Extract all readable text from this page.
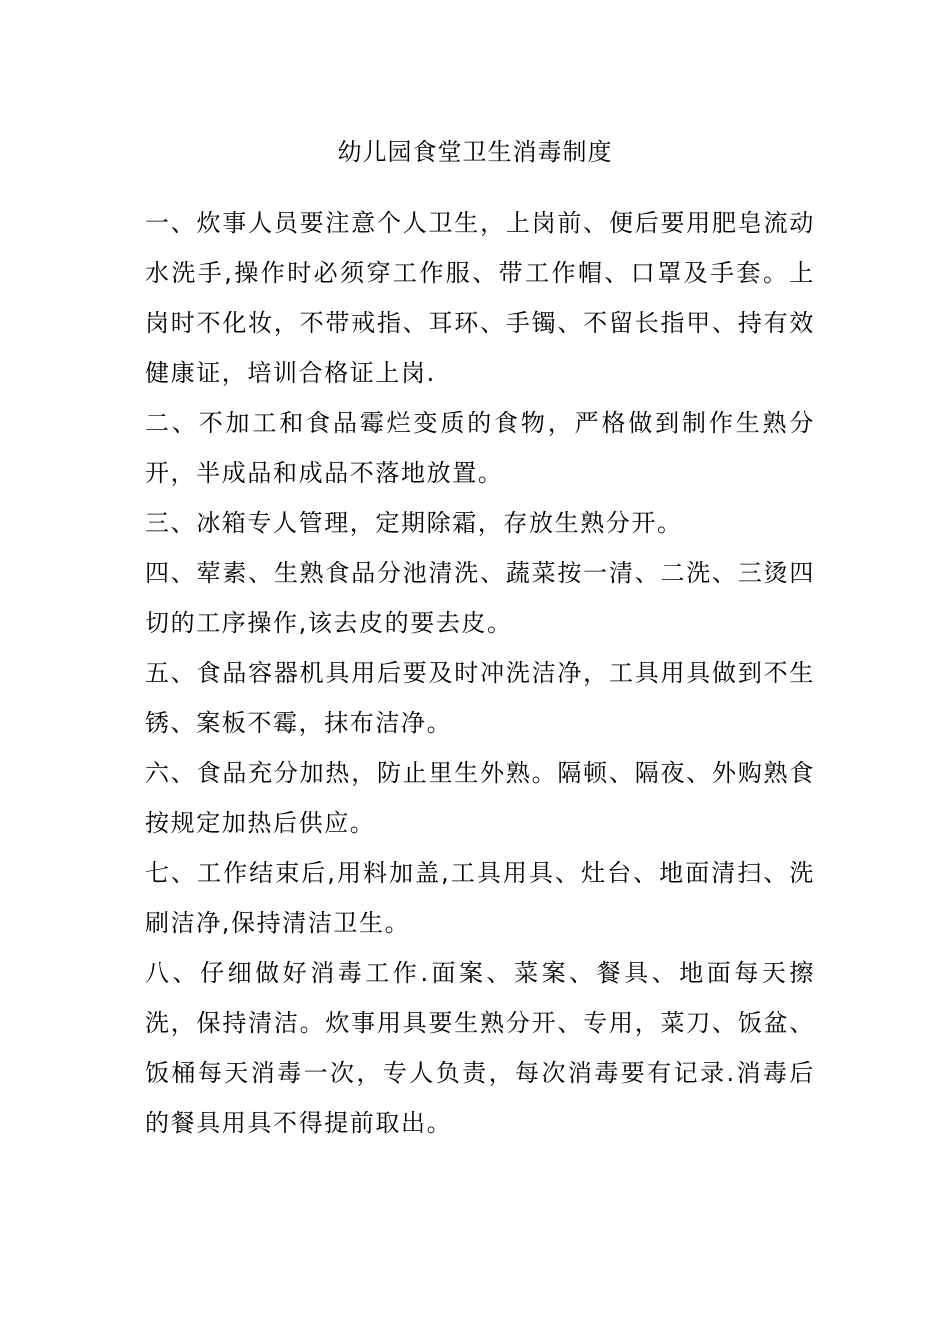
幼儿园食堂卫生消毒制度

一、炊事人员要注意个人卫生，上岗前、便后要用肥皂流动水洗手,操作时必须穿工作服、带工作帽、口罩及手套。上岗时不化妆，不带戒指、耳环、手镯、不留长指甲、持有效健康证，培训合格证上岗.

二、不加工和食品霉烂变质的食物，严格做到制作生熟分开，半成品和成品不落地放置。

三、冰箱专人管理，定期除霜，存放生熟分开。

四、荤素、生熟食品分池清洗、蔬菜按一清、二洗、三烫四切的工序操作,该去皮的要去皮。

五、食品容器机具用后要及时冲洗洁净，工具用具做到不生锈、案板不霉，抹布洁净。

六、食品充分加热，防止里生外熟。隔顿、隔夜、外购熟食按规定加热后供应。

七、工作结束后,用料加盖,工具用具、灶台、地面清扫、洗刷洁净,保持清洁卫生。

八、仔细做好消毒工作.面案、菜案、餐具、地面每天擦洗，保持清洁。炊事用具要生熟分开、专用，菜刀、饭盆、饭桶每天消毒一次，专人负责，每次消毒要有记录.消毒后的餐具用具不得提前取出。
